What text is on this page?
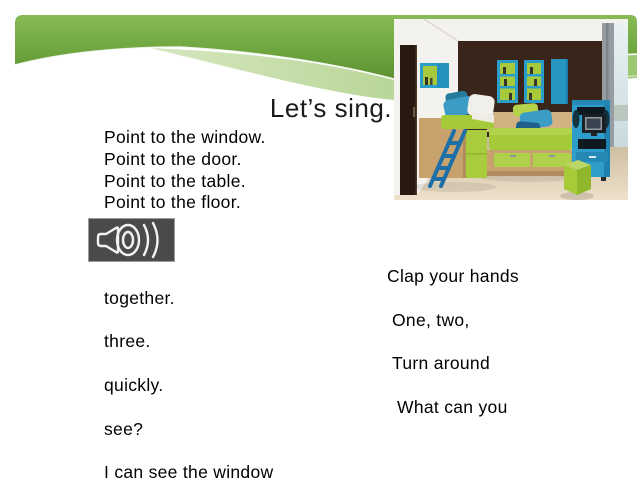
Let’s sing.
Point to the window.
Point to the door.
Point to the table.
Point to the floor.
Clap your hands
together.
One, two,
three.
Turn around
quickly.
What can you
see?
I can see the window
